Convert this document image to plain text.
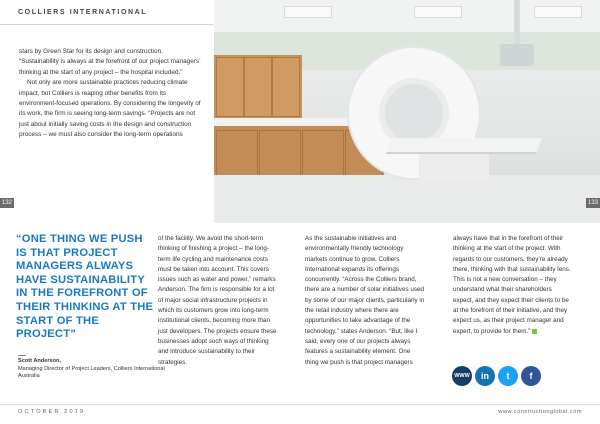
COLLIERS INTERNATIONAL
132	133

stars by Green Star for its design and construction. “Sustainability is always at the forefront of our project managers’ thinking at the start of any project – the hospital included.”

Not only are more sustainable practices reducing climate impact, but Colliers is reaping other benefits from its environment-focused operations. By considering the longevity of its work, the firm is seeing long-term savings. “Projects are not just about initially saving costs in the design and construction process – we must also consider the long-term operations

“ONE THING WE PUSH IS THAT PROJECT MANAGERS ALWAYS HAVE SUSTAINABILITY IN THE FOREFRONT OF THEIR THINKING AT THE START OF THE PROJECT”
Scott Anderson,
Managing Director of Project Leaders, Colliers International Australia
of the facility. We avoid the short-term thinking of finishing a project – the long-term life cycling and maintenance costs must be taken into account. This covers issues such as water and power,” remarks Anderson. The firm is responsible for a lot of major social infrastructure projects in which its customers grow into long-term institutional clients, becoming more than just developers. The projects ensure these businesses adopt such ways of thinking and introduce sustainability to their strategies.
As the sustainable initiatives and environmentally friendly technology markets continue to grow, Colliers International expands its offerings concurrently. “Across the Colliers brand, there are a number of solar initiatives used by some of our major clients, particularly in the retail industry where there are opportunities to take advantage of the technology,” states Anderson. “But, like I said, every one of our projects always features a sustainability element. One thing we push is that project managers
always have that in the forefront of their thinking at the start of the project. With regards to our customers, they’re already there, thinking with that sustainability lens. This is not a new conversation – they understand what their shareholders expect, and they expect their clients to be at the forefront of their initiative, and they expect us, as their project manager and expert, to provide for them.”
WWW	in	t	f
OCTOBER 2019	www.constructionglobal.com
